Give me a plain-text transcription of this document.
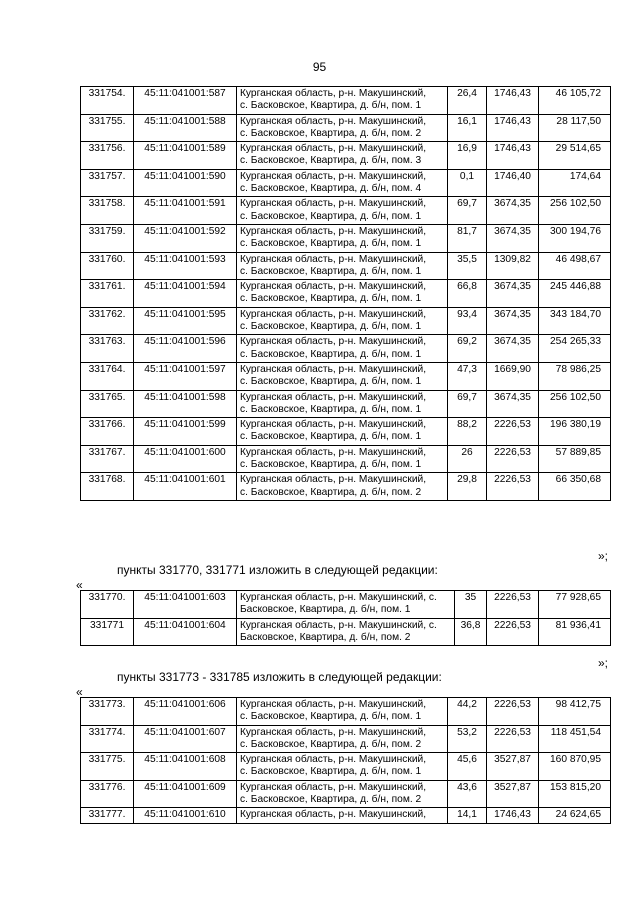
95
331754.	45:11:041001:587	Курганская область, р-н. Макушинский,
с. Басковское, Квартира, д. б/н, пом. 1	26,4	1746,43	46 105,72
331755.	45:11:041001:588	Курганская область, р-н. Макушинский,
с. Басковское, Квартира, д. б/н, пом. 2	16,1	1746,43	28 117,50
331756.	45:11:041001:589	Курганская область, р-н. Макушинский,
с. Басковское, Квартира, д. б/н, пом. 3	16,9	1746,43	29 514,65
331757.	45:11:041001:590	Курганская область, р-н. Макушинский,
с. Басковское, Квартира, д. б/н, пом. 4	0,1	1746,40	174,64
331758.	45:11:041001:591	Курганская область, р-н. Макушинский,
с. Басковское, Квартира, д. б/н, пом. 1	69,7	3674,35	256 102,50
331759.	45:11:041001:592	Курганская область, р-н. Макушинский,
с. Басковское, Квартира, д. б/н, пом. 1	81,7	3674,35	300 194,76
331760.	45:11:041001:593	Курганская область, р-н. Макушинский,
с. Басковское, Квартира, д. б/н, пом. 1	35,5	1309,82	46 498,67
331761.	45:11:041001:594	Курганская область, р-н. Макушинский,
с. Басковское, Квартира, д. б/н, пом. 1	66,8	3674,35	245 446,88
331762.	45:11:041001:595	Курганская область, р-н. Макушинский,
с. Басковское, Квартира, д. б/н, пом. 1	93,4	3674,35	343 184,70
331763.	45:11:041001:596	Курганская область, р-н. Макушинский,
с. Басковское, Квартира, д. б/н, пом. 1	69,2	3674,35	254 265,33
331764.	45:11:041001:597	Курганская область, р-н. Макушинский,
с. Басковское, Квартира, д. б/н, пом. 1	47,3	1669,90	78 986,25
331765.	45:11:041001:598	Курганская область, р-н. Макушинский,
с. Басковское, Квартира, д. б/н, пом. 1	69,7	3674,35	256 102,50
331766.	45:11:041001:599	Курганская область, р-н. Макушинский,
с. Басковское, Квартира, д. б/н, пом. 1	88,2	2226,53	196 380,19
331767.	45:11:041001:600	Курганская область, р-н. Макушинский,
с. Басковское, Квартира, д. б/н, пом. 1	26	2226,53	57 889,85
331768.	45:11:041001:601	Курганская область, р-н. Макушинский,
с. Басковское, Квартира, д. б/н, пом. 2	29,8	2226,53	66 350,68
»;
пункты 331770, 331771 изложить в следующей редакции:
«
331770.	45:11:041001:603	Курганская область, р-н. Макушинский, с.
Басковское, Квартира, д. б/н, пом. 1	35	2226,53	77 928,65
331771	45:11:041001:604	Курганская область, р-н. Макушинский, с.
Басковское, Квартира, д. б/н, пом. 2	36,8	2226,53	81 936,41
»;
пункты 331773 - 331785 изложить в следующей редакции:
«
331773.	45:11:041001:606	Курганская область, р-н. Макушинский,
с. Басковское, Квартира, д. б/н, пом. 1	44,2	2226,53	98 412,75
331774.	45:11:041001:607	Курганская область, р-н. Макушинский,
с. Басковское, Квартира, д. б/н, пом. 2	53,2	2226,53	118 451,54
331775.	45:11:041001:608	Курганская область, р-н. Макушинский,
с. Басковское, Квартира, д. б/н, пом. 1	45,6	3527,87	160 870,95
331776.	45:11:041001:609	Курганская область, р-н. Макушинский,
с. Басковское, Квартира, д. б/н, пом. 2	43,6	3527,87	153 815,20
331777.	45:11:041001:610	Курганская область, р-н. Макушинский,	14,1	1746,43	24 624,65
